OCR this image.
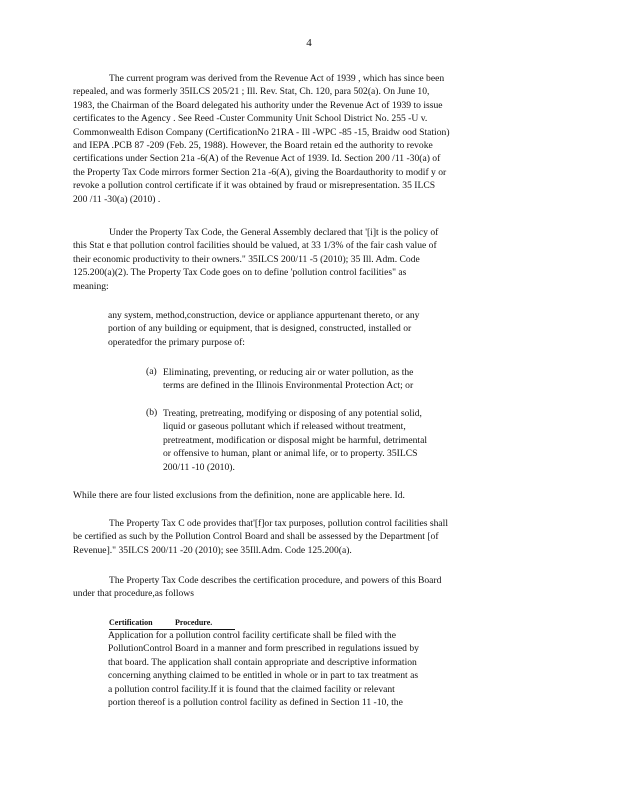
4

The current program was derived from the Revenue Act of 1939 , which has since been
repealed, and was formerly 35ILCS 205/21 ; Ill. Rev. Stat, Ch. 120, para 502(a). On June 10,
1983, the Chairman of the Board delegated his authority under the Revenue Act of 1939 to issue
certificates to the Agency . See Reed -Custer Community Unit School District No. 255 -U v.
Commonwealth Edison Company (CertificationNo 21RA - Ill -WPC -85 -15, Braidw ood Station)
and IEPA .PCB 87 -209 (Feb. 25, 1988). However, the Board retain ed the authority to revoke
certifications under Section 21a -6(A) of the Revenue Act of 1939. Id. Section 200 /11 -30(a) of
the Property Tax Code mirrors former Section 21a -6(A), giving the Boardauthority to modif y or
revoke a pollution control certificate if it was obtained by fraud or misrepresentation. 35 ILCS
200 /11 -30(a) (2010) .

Under the Property Tax Code, the General Assembly declared that '[i]t is the policy of
this Stat e that pollution control facilities should be valued, at 33 1/3% of the fair cash value of
their economic productivity to their owners." 35ILCS 200/11 -5 (2010); 35 Ill. Adm. Code
125.200(a)(2). The Property Tax Code goes on to define 'pollution control facilities" as
meaning:

any system, method,construction, device or appliance appurtenant thereto, or any
portion of any building or equipment, that is designed, constructed, installed or
operatedfor the primary purpose of:

(a) Eliminating, preventing, or reducing air or water pollution, as the
terms are defined in the Illinois Environmental Protection Act; or

(b) Treating, pretreating, modifying or disposing of any potential solid,
liquid or gaseous pollutant which if released without treatment,
pretreatment, modification or disposal might be harmful, detrimental
or offensive to human, plant or animal life, or to property. 35ILCS
200/11 -10 (2010).

While there are four listed exclusions from the definition, none are applicable here. Id.

The Property Tax C ode provides that'[f]or tax purposes, pollution control facilities shall
be certified as such by the Pollution Control Board and shall be assessed by the Department [of
Revenue]." 35ILCS 200/11 -20 (2010); see 35Ill.Adm. Code 125.200(a).

The Property Tax Code describes the certification procedure, and powers of this Board
under that procedure,as follows

Certification	Procedure.

Application for a pollution control facility certificate shall be filed with the
PollutionControl Board in a manner and form prescribed in regulations issued by
that board. The application shall contain appropriate and descriptive information
concerning anything claimed to be entitled in whole or in part to tax treatment as
a pollution control facility.If it is found that the claimed facility or relevant
portion thereof is a pollution control facility as defined in Section 11 -10, the
